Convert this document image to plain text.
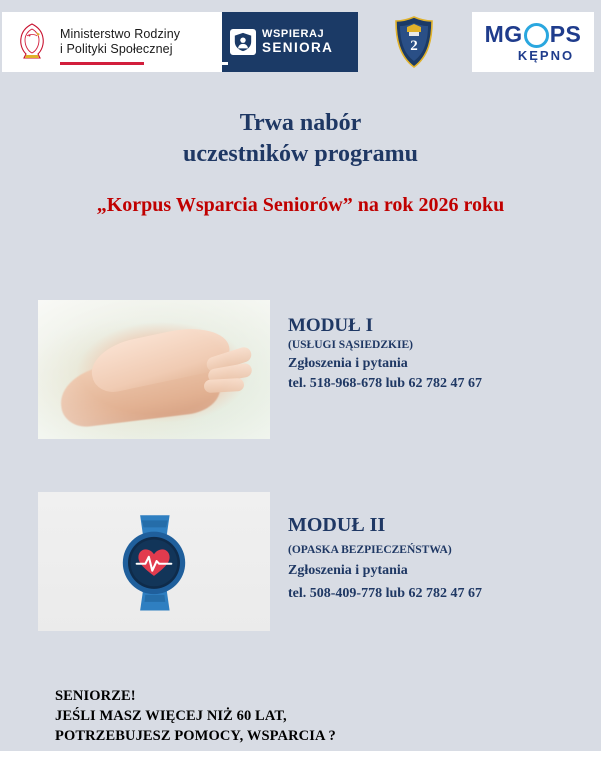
Ministerstwo Rodziny
i Polityki Społecznej
WSPIERAJ
SENIORA	2	MG PS
KĘPNO
Trwa nabór
uczestników programu
„Korpus Wsparcia Seniorów” na rok 2026 roku
MODUŁ I
(USŁUGI SĄSIEDZKIE)
Zgłoszenia i pytania
tel. 518-968-678 lub 62 782 47 67
MODUŁ II
(OPASKA BEZPIECZEŃSTWA)
Zgłoszenia i pytania
tel. 508-409-778 lub 62 782 47 67
SENIORZE!
JEŚLI MASZ WIĘCEJ NIŻ 60 LAT,
POTRZEBUJESZ POMOCY, WSPARCIA ?
